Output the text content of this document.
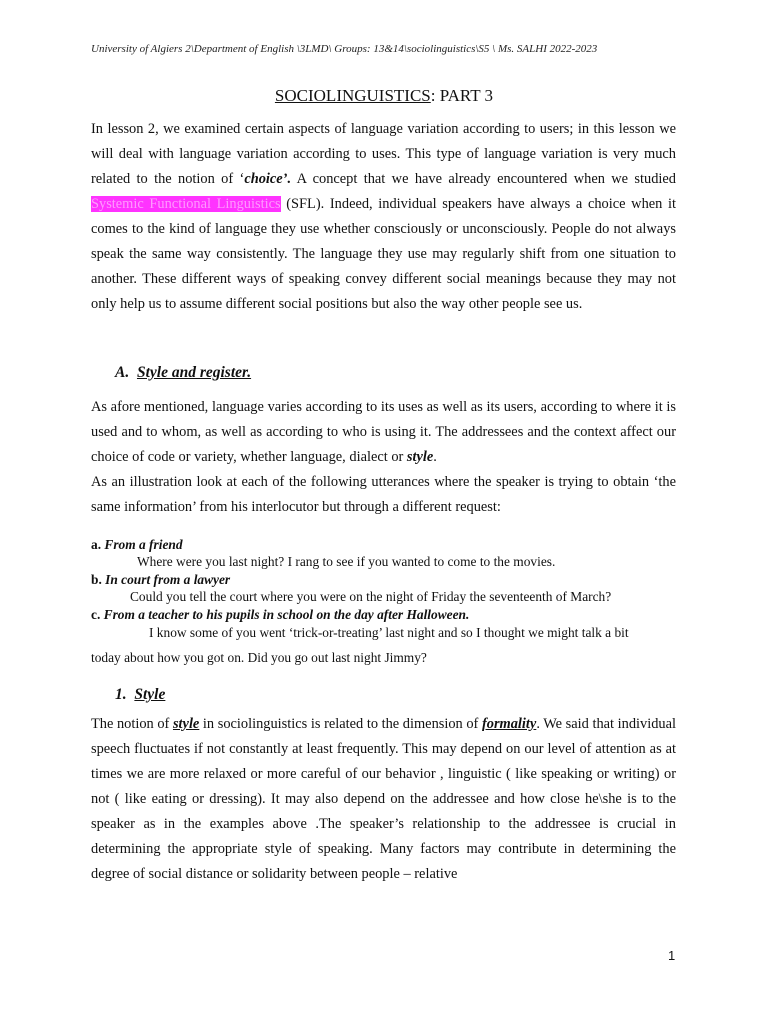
University of Algiers 2\Department of English \3LMD\ Groups: 13&14\sociolinguistics\S5 \ Ms. SALHI 2022-2023
SOCIOLINGUISTICS: PART 3
In lesson 2, we examined certain aspects of language variation according to users; in this lesson we will deal with language variation according to uses. This type of language variation is very much related to the notion of ‘choice’. A concept that we have already encountered when we studied Systemic Functional Linguistics (SFL). Indeed, individual speakers have always a choice when it comes to the kind of language they use whether consciously or unconsciously. People do not always speak the same way consistently. The language they use may regularly shift from one situation to another. These different ways of speaking convey different social meanings because they may not only help us to assume different social positions but also the way other people see us.
A. Style and register.
As afore mentioned, language varies according to its uses as well as its users, according to where it is used and to whom, as well as according to who is using it. The addressees and the context affect our choice of code or variety, whether language, dialect or style.
As an illustration look at each of the following utterances where the speaker is trying to obtain ‘the same information’ from his interlocutor but through a different request:
a. From a friend
Where were you last night? I rang to see if you wanted to come to the movies.
b. In court from a lawyer
Could you tell the court where you were on the night of Friday the seventeenth of March?
c. From a teacher to his pupils in school on the day after Halloween.
I know some of you went ‘trick-or-treating’ last night and so I thought we might talk a bit
today about how you got on. Did you go out last night Jimmy?
1. Style
The notion of style in sociolinguistics is related to the dimension of formality. We said that individual speech fluctuates if not constantly at least frequently. This may depend on our level of attention as at times we are more relaxed or more careful of our behavior , linguistic ( like speaking or writing) or not ( like eating or dressing). It may also depend on the addressee and how close he\she is to the speaker as in the examples above .The speaker’s relationship to the addressee is crucial in determining the appropriate style of speaking. Many factors may contribute in determining the degree of social distance or solidarity between people – relative
1
